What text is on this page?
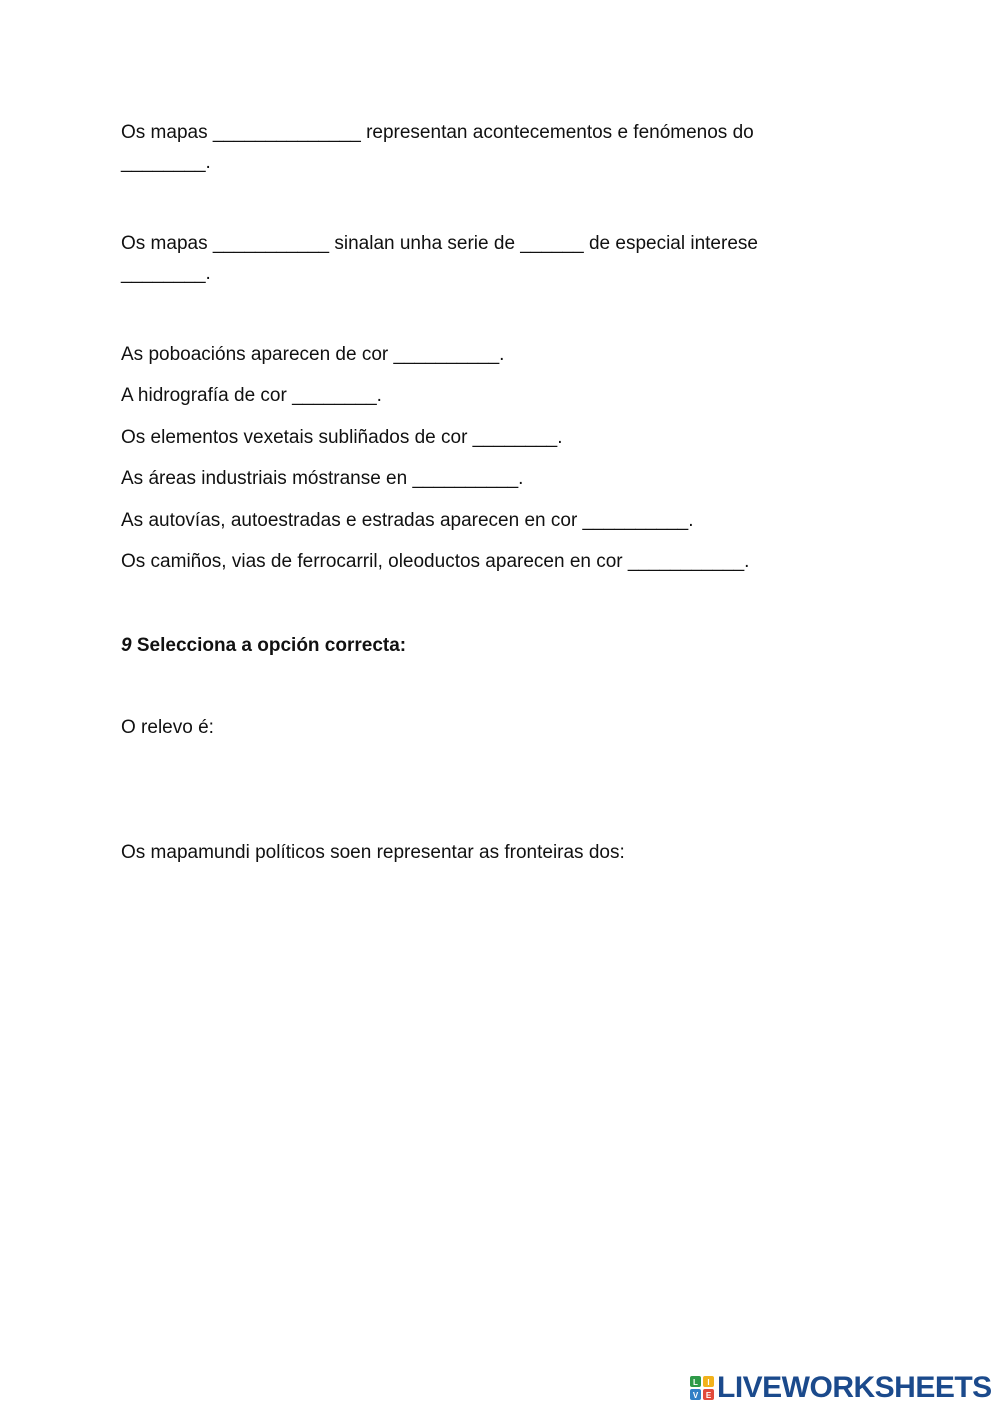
Os mapas ______________ representan acontecementos e fenómenos do
________.
Os mapas ___________ sinalan unha serie de ______ de especial interese
________.
As poboacións aparecen de cor __________.
A hidrografía de cor ________.
Os elementos vexetais subliñados de cor ________.
As áreas industriais móstranse en __________.
As autovías, autoestradas e estradas aparecen en cor __________.
Os camiños, vias de ferrocarril, oleoductos aparecen en cor ___________.
9 Selecciona a opción correcta:
O relevo é:
Os mapamundi políticos soen representar as fronteiras dos:
L I
V E LIVEWORKSHEETS
